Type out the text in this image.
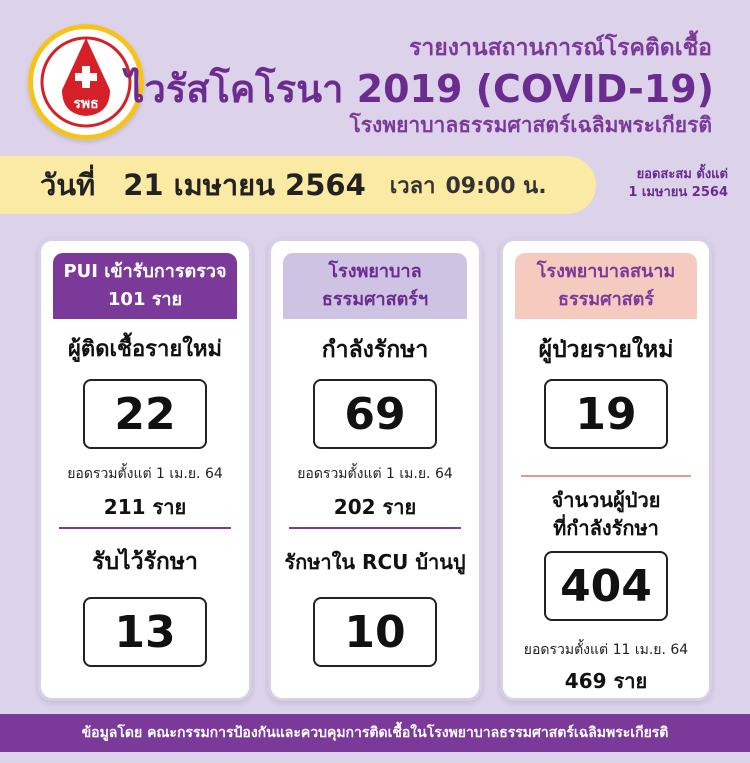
รพธ
รายงานสถานการณ์โรคติดเชื้อ
ไวรัสโคโรนา 2019 (COVID-19)
โรงพยาบาลธรรมศาสตร์เฉลิมพระเกียรติ
วันที่ 21 เมษายน 2564 เวลา 09:00 น.	ยอดสะสม ตั้งแต่
1 เมษายน 2564
PUI เข้ารับการตรวจ
101 ราย
ผู้ติดเชื้อรายใหม่
22
ยอดรวมตั้งแต่ 1 เม.ย. 64
211 ราย
รับไว้รักษา
13
โรงพยาบาล
ธรรมศาสตร์ฯ
กำลังรักษา
69
ยอดรวมตั้งแต่ 1 เม.ย. 64
202 ราย
รักษาใน RCU บ้านปู
10
โรงพยาบาลสนาม
ธรรมศาสตร์
ผู้ป่วยรายใหม่
19
จำนวนผู้ป่วย
ที่กำลังรักษา
404
ยอดรวมตั้งแต่ 11 เม.ย. 64
469 ราย
ข้อมูลโดย คณะกรรมการป้องกันและควบคุมการติดเชื้อในโรงพยาบาลธรรมศาสตร์เฉลิมพระเกียรติ
